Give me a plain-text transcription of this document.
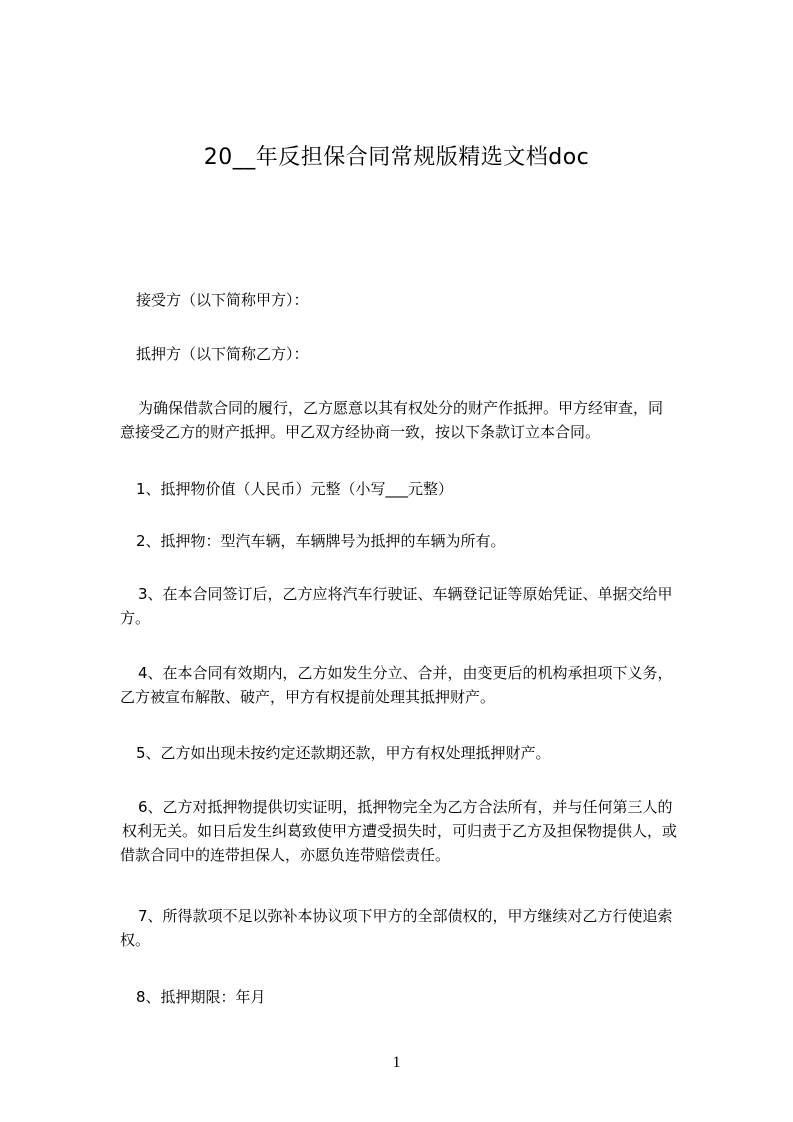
20__年反担保合同常规版精选文档doc

接受方（以下简称甲方）：

抵押方（以下简称乙方）：

为确保借款合同的履行，乙方愿意以其有权处分的财产作抵押。甲方经审查，同
意接受乙方的财产抵押。甲乙双方经协商一致，按以下条款订立本合同。

1、抵押物价值（人民币）元整（小写___元整）

2、抵押物：型汽车辆，车辆牌号为抵押的车辆为所有。

3、在本合同签订后，乙方应将汽车行驶证、车辆登记证等原始凭证、单据交给甲
方。

4、在本合同有效期内，乙方如发生分立、合并，由变更后的机构承担项下义务，
乙方被宣布解散、破产，甲方有权提前处理其抵押财产。

5、乙方如出现未按约定还款期还款，甲方有权处理抵押财产。

6、乙方对抵押物提供切实证明，抵押物完全为乙方合法所有，并与任何第三人的
权利无关。如日后发生纠葛致使甲方遭受损失时，可归责于乙方及担保物提供人，或
借款合同中的连带担保人，亦愿负连带赔偿责任。

7、所得款项不足以弥补本协议项下甲方的全部债权的，甲方继续对乙方行使追索
权。

8、抵押期限：年月

1
